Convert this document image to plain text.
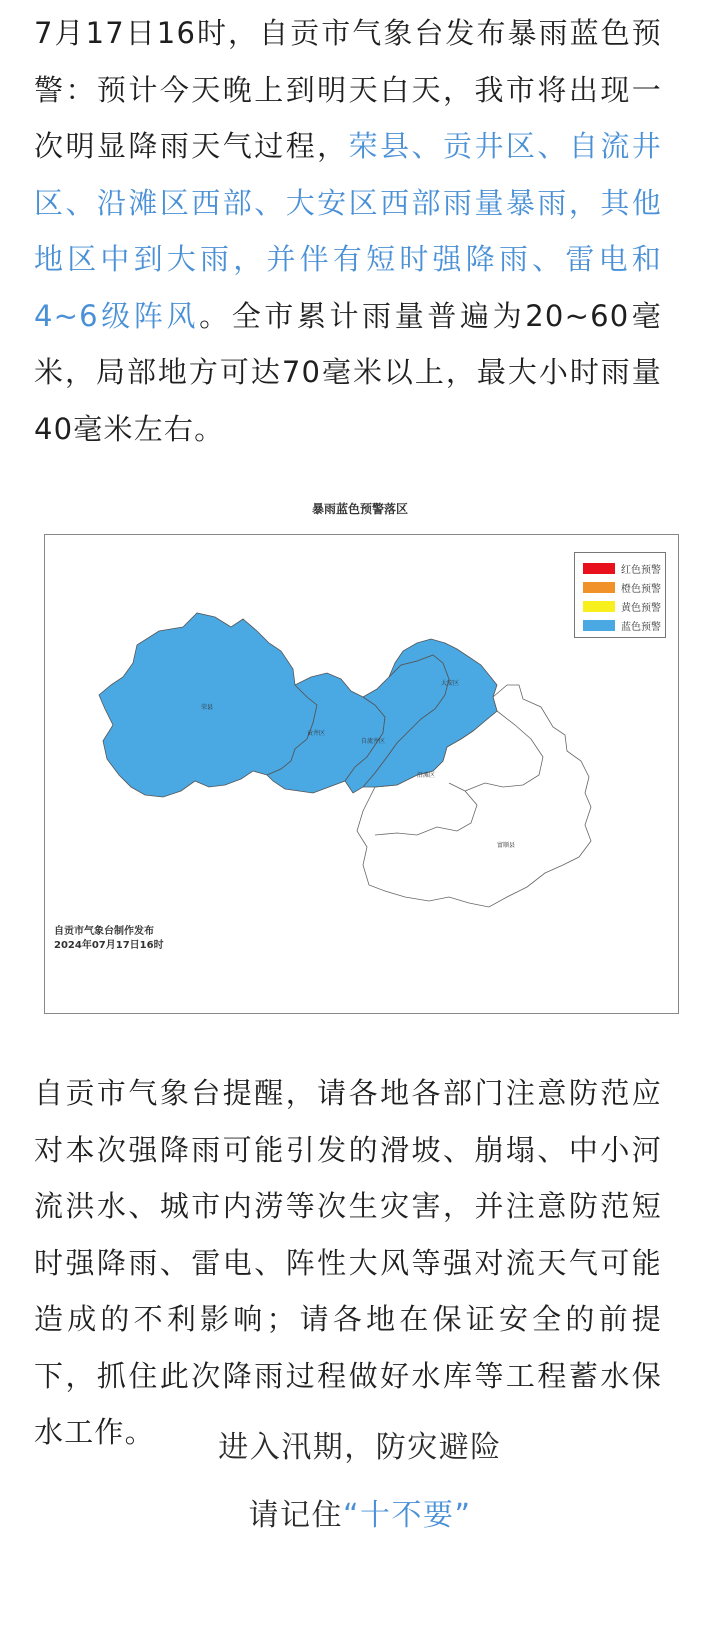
7月17日16时，自贡市气象台发布暴雨蓝色预警：预计今天晚上到明天白天，我市将出现一次明显降雨天气过程，荣县、贡井区、自流井区、沿滩区西部、大安区西部雨量暴雨，其他地区中到大雨，并伴有短时强降雨、雷电和4~6级阵风。全市累计雨量普遍为20~60毫米，局部地方可达70毫米以上，最大小时雨量40毫米左右。

暴雨蓝色预警落区
荣县
贡井区
自流井区
沿滩区
大安区
富顺县
红色预警
橙色预警
黄色预警
蓝色预警
自贡市气象台制作发布
2024年07月17日16时

自贡市气象台提醒，请各地各部门注意防范应对本次强降雨可能引发的滑坡、崩塌、中小河流洪水、城市内涝等次生灾害，并注意防范短时强降雨、雷电、阵性大风等强对流天气可能造成的不利影响；请各地在保证安全的前提下，抓住此次降雨过程做好水库等工程蓄水保水工作。	进入汛期，防灾避险
请记住“十不要”
